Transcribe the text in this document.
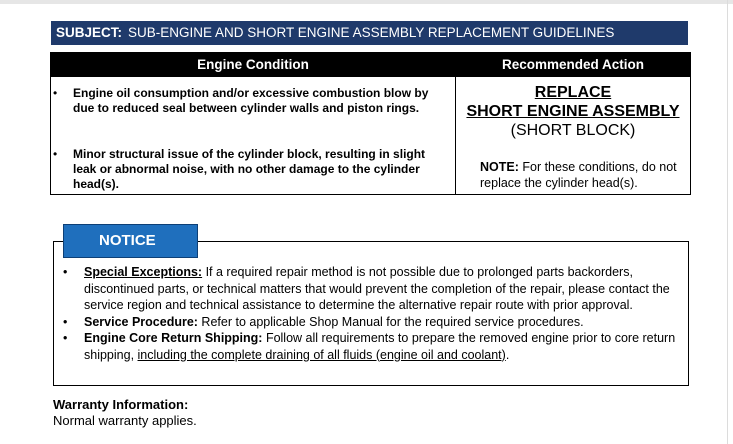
SUBJECT: SUB-ENGINE AND SHORT ENGINE ASSEMBLY REPLACEMENT GUIDELINES
Engine Condition	Recommended Action
• Engine oil consumption and/or excessive combustion blow by due to reduced seal between cylinder walls and piston rings.
• Minor structural issue of the cylinder block, resulting in slight leak or abnormal noise, with no other damage to the cylinder head(s).
REPLACE
SHORT ENGINE ASSEMBLY
(SHORT BLOCK)
NOTE: For these conditions, do not replace the cylinder head(s).
NOTICE

• Special Exceptions: If a required repair method is not possible due to prolonged parts backorders, discontinued parts, or technical matters that would prevent the completion of the repair, please contact the service region and technical assistance to determine the alternative repair route with prior approval.

• Service Procedure: Refer to applicable Shop Manual for the required service procedures.

• Engine Core Return Shipping: Follow all requirements to prepare the removed engine prior to core return shipping, including the complete draining of all fluids (engine oil and coolant).

Warranty Information:
Normal warranty applies.
